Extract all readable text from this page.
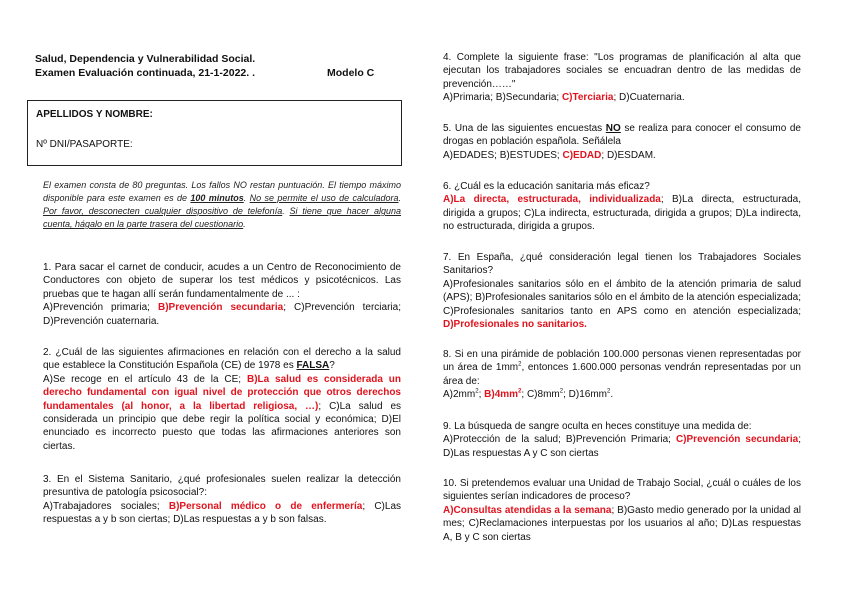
Salud, Dependencia y Vulnerabilidad Social.
Examen Evaluación continuada, 21-1-2022. .	Modelo C
APELLIDOS Y NOMBRE:
Nº DNI/PASAPORTE:
El examen consta de 80 preguntas. Los fallos NO restan puntuación. El tiempo máximo disponible para este examen es de 100 minutos. No se permite el uso de calculadora. Por favor, desconecten cualquier dispositivo de telefonía. Si tiene que hacer alguna cuenta, hágalo en la parte trasera del cuestionario.
1. Para sacar el carnet de conducir, acudes a un Centro de Reconocimiento de Conductores con objeto de superar los test médicos y psicotécnicos. Las pruebas que te hagan allí serán fundamentalmente de ... :
A)Prevención primaria; B)Prevención secundaria; C)Prevención terciaria; D)Prevención cuaternaria.
2. ¿Cuál de las siguientes afirmaciones en relación con el derecho a la salud que establece la Constitución Española (CE) de 1978 es FALSA?
A)Se recoge en el artículo 43 de la CE; B)La salud es considerada un derecho fundamental con igual nivel de protección que otros derechos fundamentales (al honor, a la libertad religiosa, …); C)La salud es considerada un principio que debe regir la política social y económica; D)El enunciado es incorrecto puesto que todas las afirmaciones anteriores son ciertas.
3. En el Sistema Sanitario, ¿qué profesionales suelen realizar la detección presuntiva de patología psicosocial?:
A)Trabajadores sociales; B)Personal médico o de enfermería; C)Las respuestas a y b son ciertas; D)Las respuestas a y b son falsas.
4. Complete la siguiente frase: "Los programas de planificación al alta que ejecutan los trabajadores sociales se encuadran dentro de las medidas de prevención……"
A)Primaria; B)Secundaria; C)Terciaria; D)Cuaternaria.
5. Una de las siguientes encuestas NO se realiza para conocer el consumo de drogas en población española. Señálela
A)EDADES; B)ESTUDES; C)EDAD; D)ESDAM.
6. ¿Cuál es la educación sanitaria más eficaz?
A)La directa, estructurada, individualizada; B)La directa, estructurada, dirigida a grupos; C)La indirecta, estructurada, dirigida a grupos; D)La indirecta, no estructurada, dirigida a grupos.
7. En España, ¿qué consideración legal tienen los Trabajadores Sociales Sanitarios?
A)Profesionales sanitarios sólo en el ámbito de la atención primaria de salud (APS); B)Profesionales sanitarios sólo en el ámbito de la atención especializada; C)Profesionales sanitarios tanto en APS como en atención especializada; D)Profesionales no sanitarios.
8. Si en una pirámide de población 100.000 personas vienen representadas por un área de $1mm^2$, entonces 1.600.000 personas vendrán representadas por un área de:
$A)2mm^2$; $B)4mm^2$; $C)8mm^2$; $D)16mm^2$.
9. La búsqueda de sangre oculta en heces constituye una medida de:
A)Protección de la salud; B)Prevención Primaria; C)Prevención secundaria; D)Las respuestas A y C son ciertas
10. Si pretendemos evaluar una Unidad de Trabajo Social, ¿cuál o cuáles de los siguientes serían indicadores de proceso?
A)Consultas atendidas a la semana; B)Gasto medio generado por la unidad al mes; C)Reclamaciones interpuestas por los usuarios al año; D)Las respuestas A, B y C son ciertas
